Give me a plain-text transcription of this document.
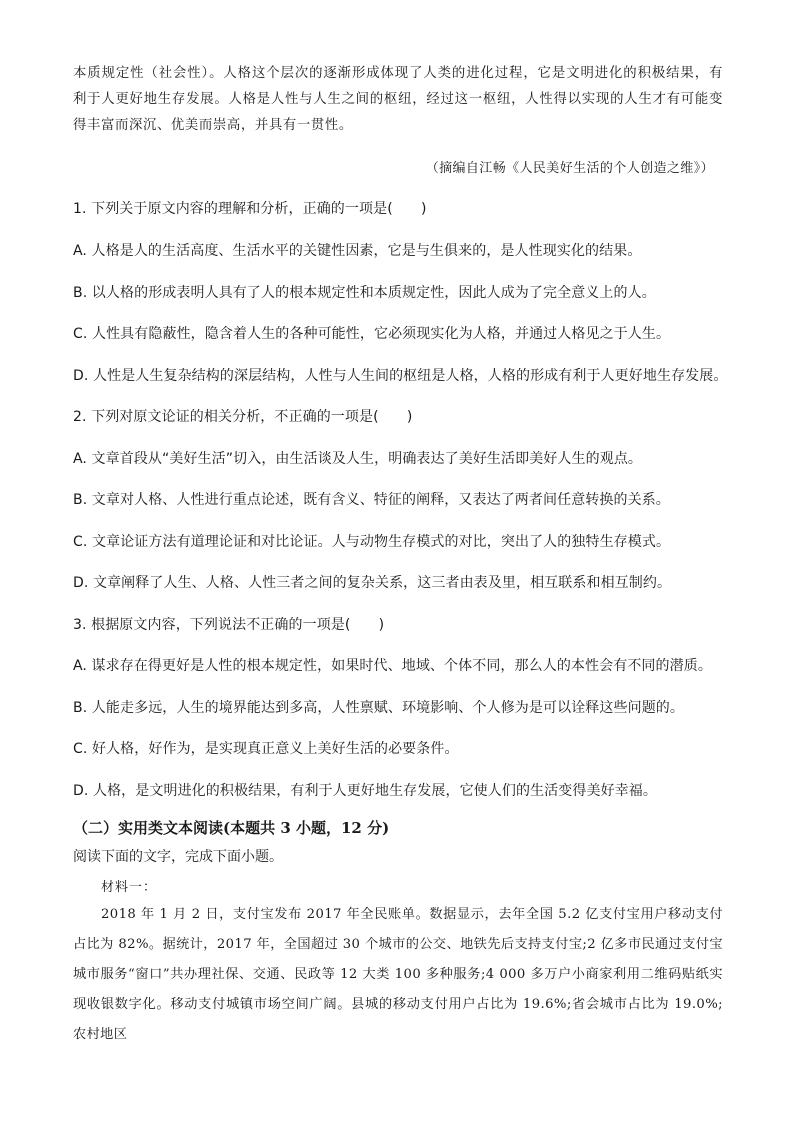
本质规定性（社会性）。人格这个层次的逐渐形成体现了人类的进化过程，它是文明进化的积极结果，有利于人更好地生存发展。人格是人性与人生之间的枢纽，经过这一枢纽，人性得以实现的人生才有可能变得丰富而深沉、优美而崇高，并具有一贯性。
（摘编自江畅《人民美好生活的个人创造之维》）
1. 下列关于原文内容的理解和分析，正确的一项是(　　)
A. 人格是人的生活高度、生活水平的关键性因素，它是与生俱来的，是人性现实化的结果。
B. 以人格的形成表明人具有了人的根本规定性和本质规定性，因此人成为了完全意义上的人。
C. 人性具有隐蔽性，隐含着人生的各种可能性，它必须现实化为人格，并通过人格见之于人生。
D. 人性是人生复杂结构的深层结构，人性与人生间的枢纽是人格，人格的形成有利于人更好地生存发展。
2. 下列对原文论证的相关分析，不正确的一项是(　　)
A. 文章首段从“美好生活”切入，由生活谈及人生，明确表达了美好生活即美好人生的观点。
B. 文章对人格、人性进行重点论述，既有含义、特征的阐释，又表达了两者间任意转换的关系。
C. 文章论证方法有道理论证和对比论证。人与动物生存模式的对比，突出了人的独特生存模式。
D. 文章阐释了人生、人格、人性三者之间的复杂关系，这三者由表及里，相互联系和相互制约。
3. 根据原文内容，下列说法不正确的一项是(　　)
A. 谋求存在得更好是人性的根本规定性，如果时代、地域、个体不同，那么人的本性会有不同的潜质。
B. 人能走多远，人生的境界能达到多高，人性禀赋、环境影响、个人修为是可以诠释这些问题的。
C. 好人格，好作为，是实现真正意义上美好生活的必要条件。
D. 人格，是文明进化的积极结果，有利于人更好地生存发展，它使人们的生活变得美好幸福。
（二）实用类文本阅读(本题共 3 小题，12 分)
阅读下面的文字，完成下面小题。
材料一：
2018 年 1 月 2 日，支付宝发布 2017 年全民账单。数据显示，去年全国 5.2 亿支付宝用户移动支付占比为 82%。据统计，2017 年，全国超过 30 个城市的公交、地铁先后支持支付宝;2 亿多市民通过支付宝城市服务“窗口”共办理社保、交通、民政等 12 大类 100 多种服务;4 000 多万户小商家利用二维码贴纸实现收银数字化。移动支付城镇市场空间广阔。县城的移动支付用户占比为 19.6%;省会城市占比为 19.0%;农村地区
